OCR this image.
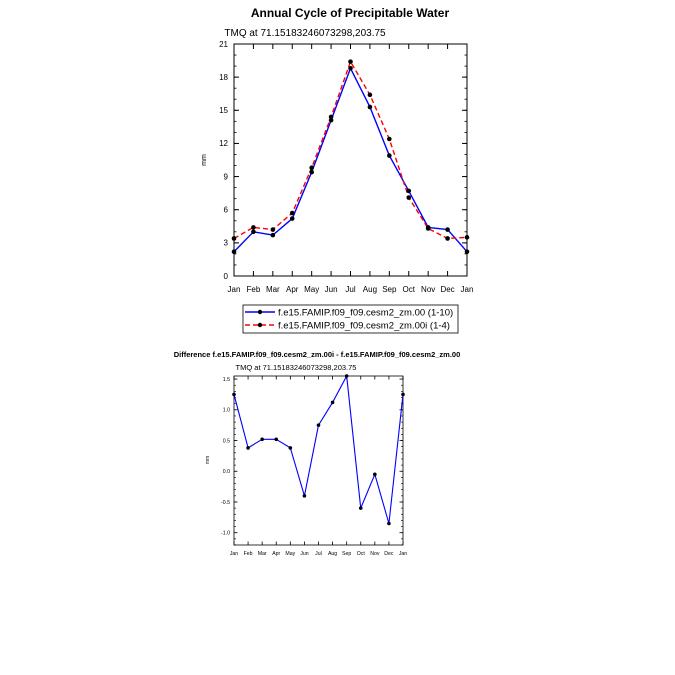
Annual Cycle of Precipitable Water
TMQ at 71.15183246073298,203.75
mm
0
3
6
9
12
15
18
21
Jan Feb Mar Apr May Jun Jul Aug Sep Oct Nov Dec Jan
f.e15.FAMIP.f09_f09.cesm2_zm.00 (1-10)
f.e15.FAMIP.f09_f09.cesm2_zm.00i (1-4)
Difference f.e15.FAMIP.f09_f09.cesm2_zm.00i - f.e15.FAMIP.f09_f09.cesm2_zm.00
TMQ at 71.15183246073298,203.75
mm
-1.0
-0.5
0.0
0.5
1.0
1.5
Jan Feb Mar Apr May Jun Jul Aug Sep Oct Nov Dec Jan
